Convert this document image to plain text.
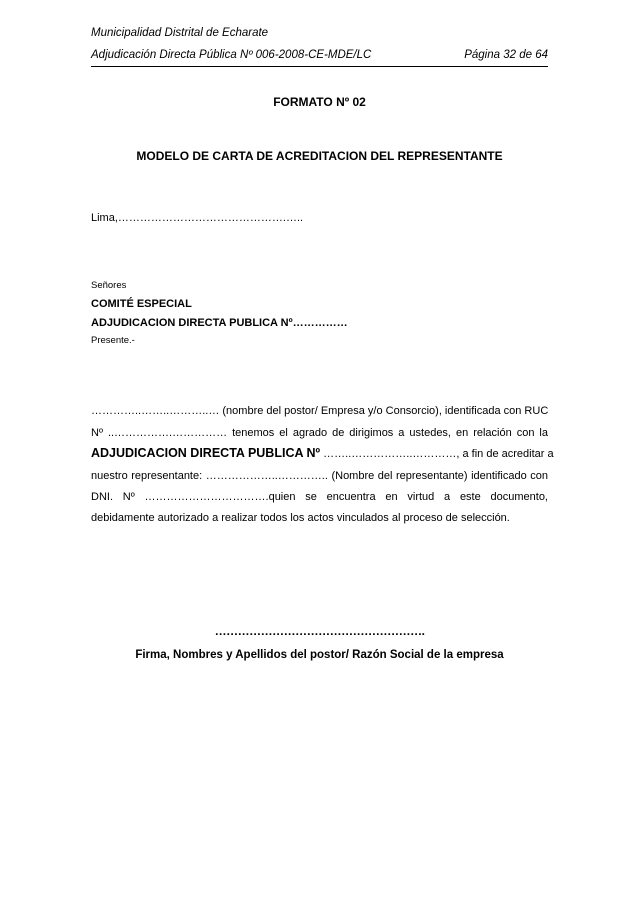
Municipalidad Distrital de Echarate
Adjudicación Directa Pública Nº 006-2008-CE-MDE/LC	Página 32 de 64
FORMATO Nº 02
MODELO DE CARTA DE ACREDITACION DEL REPRESENTANTE
Lima,……………………………………….…..
Señores
COMITÉ ESPECIAL
ADJUDICACION DIRECTA PUBLICA Nº……………
Presente.-
…………..……..………..… (nombre del postor/ Empresa y/o Consorcio), identificada con RUC
Nº ..…………….…………… tenemos el agrado de dirigimos a ustedes, en relación con la
ADJUDICACION DIRECTA PUBLICA Nº ……..……………..…………, a fin de acreditar a
nuestro representante: ………………..………….. (Nombre del representante) identificado con
DNI. Nº …………………………….quien se encuentra en virtud a este documento,
debidamente autorizado a realizar todos los actos vinculados al proceso de selección.
……………………………………………….
Firma, Nombres y Apellidos del postor/ Razón Social de la empresa
